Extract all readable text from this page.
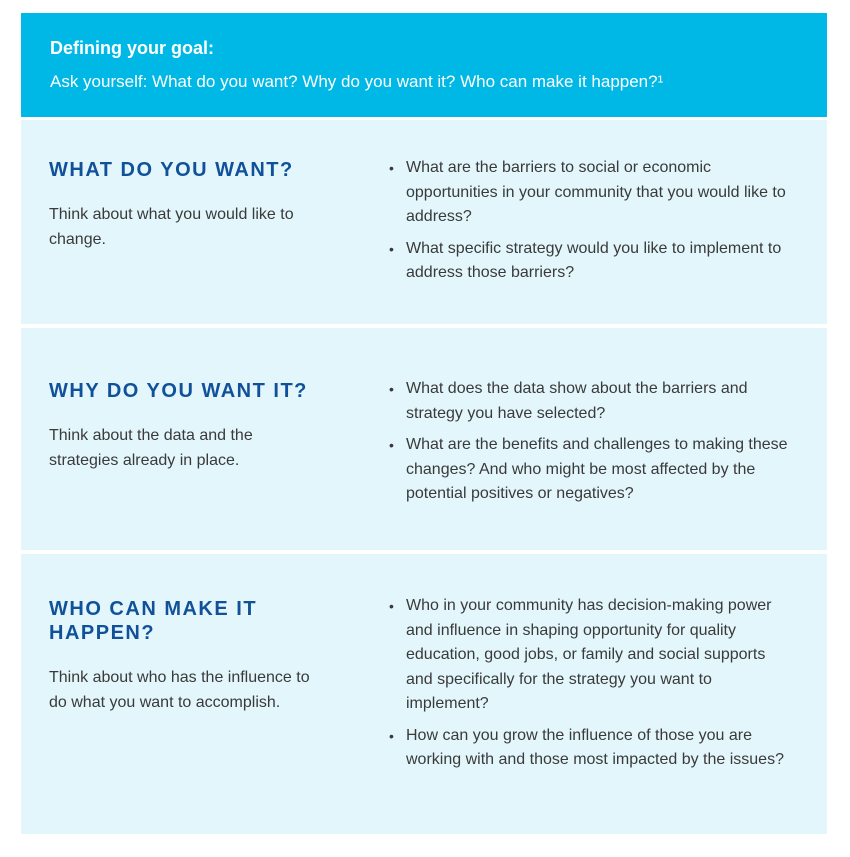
Defining your goal:
Ask yourself: What do you want? Why do you want it? Who can make it happen?¹
WHAT DO YOU WANT?
Think about what you would like to change.
• What are the barriers to social or economic opportunities in your community that you would like to address?
• What specific strategy would you like to implement to address those barriers?
WHY DO YOU WANT IT?
Think about the data and the strategies already in place.
• What does the data show about the barriers and strategy you have selected?
• What are the benefits and challenges to making these changes? And who might be most affected by the potential positives or negatives?
WHO CAN MAKE IT HAPPEN?
Think about who has the influence to do what you want to accomplish.
• Who in your community has decision-making power and influence in shaping opportunity for quality education, good jobs, or family and social supports and specifically for the strategy you want to implement?
• How can you grow the influence of those you are working with and those most impacted by the issues?
